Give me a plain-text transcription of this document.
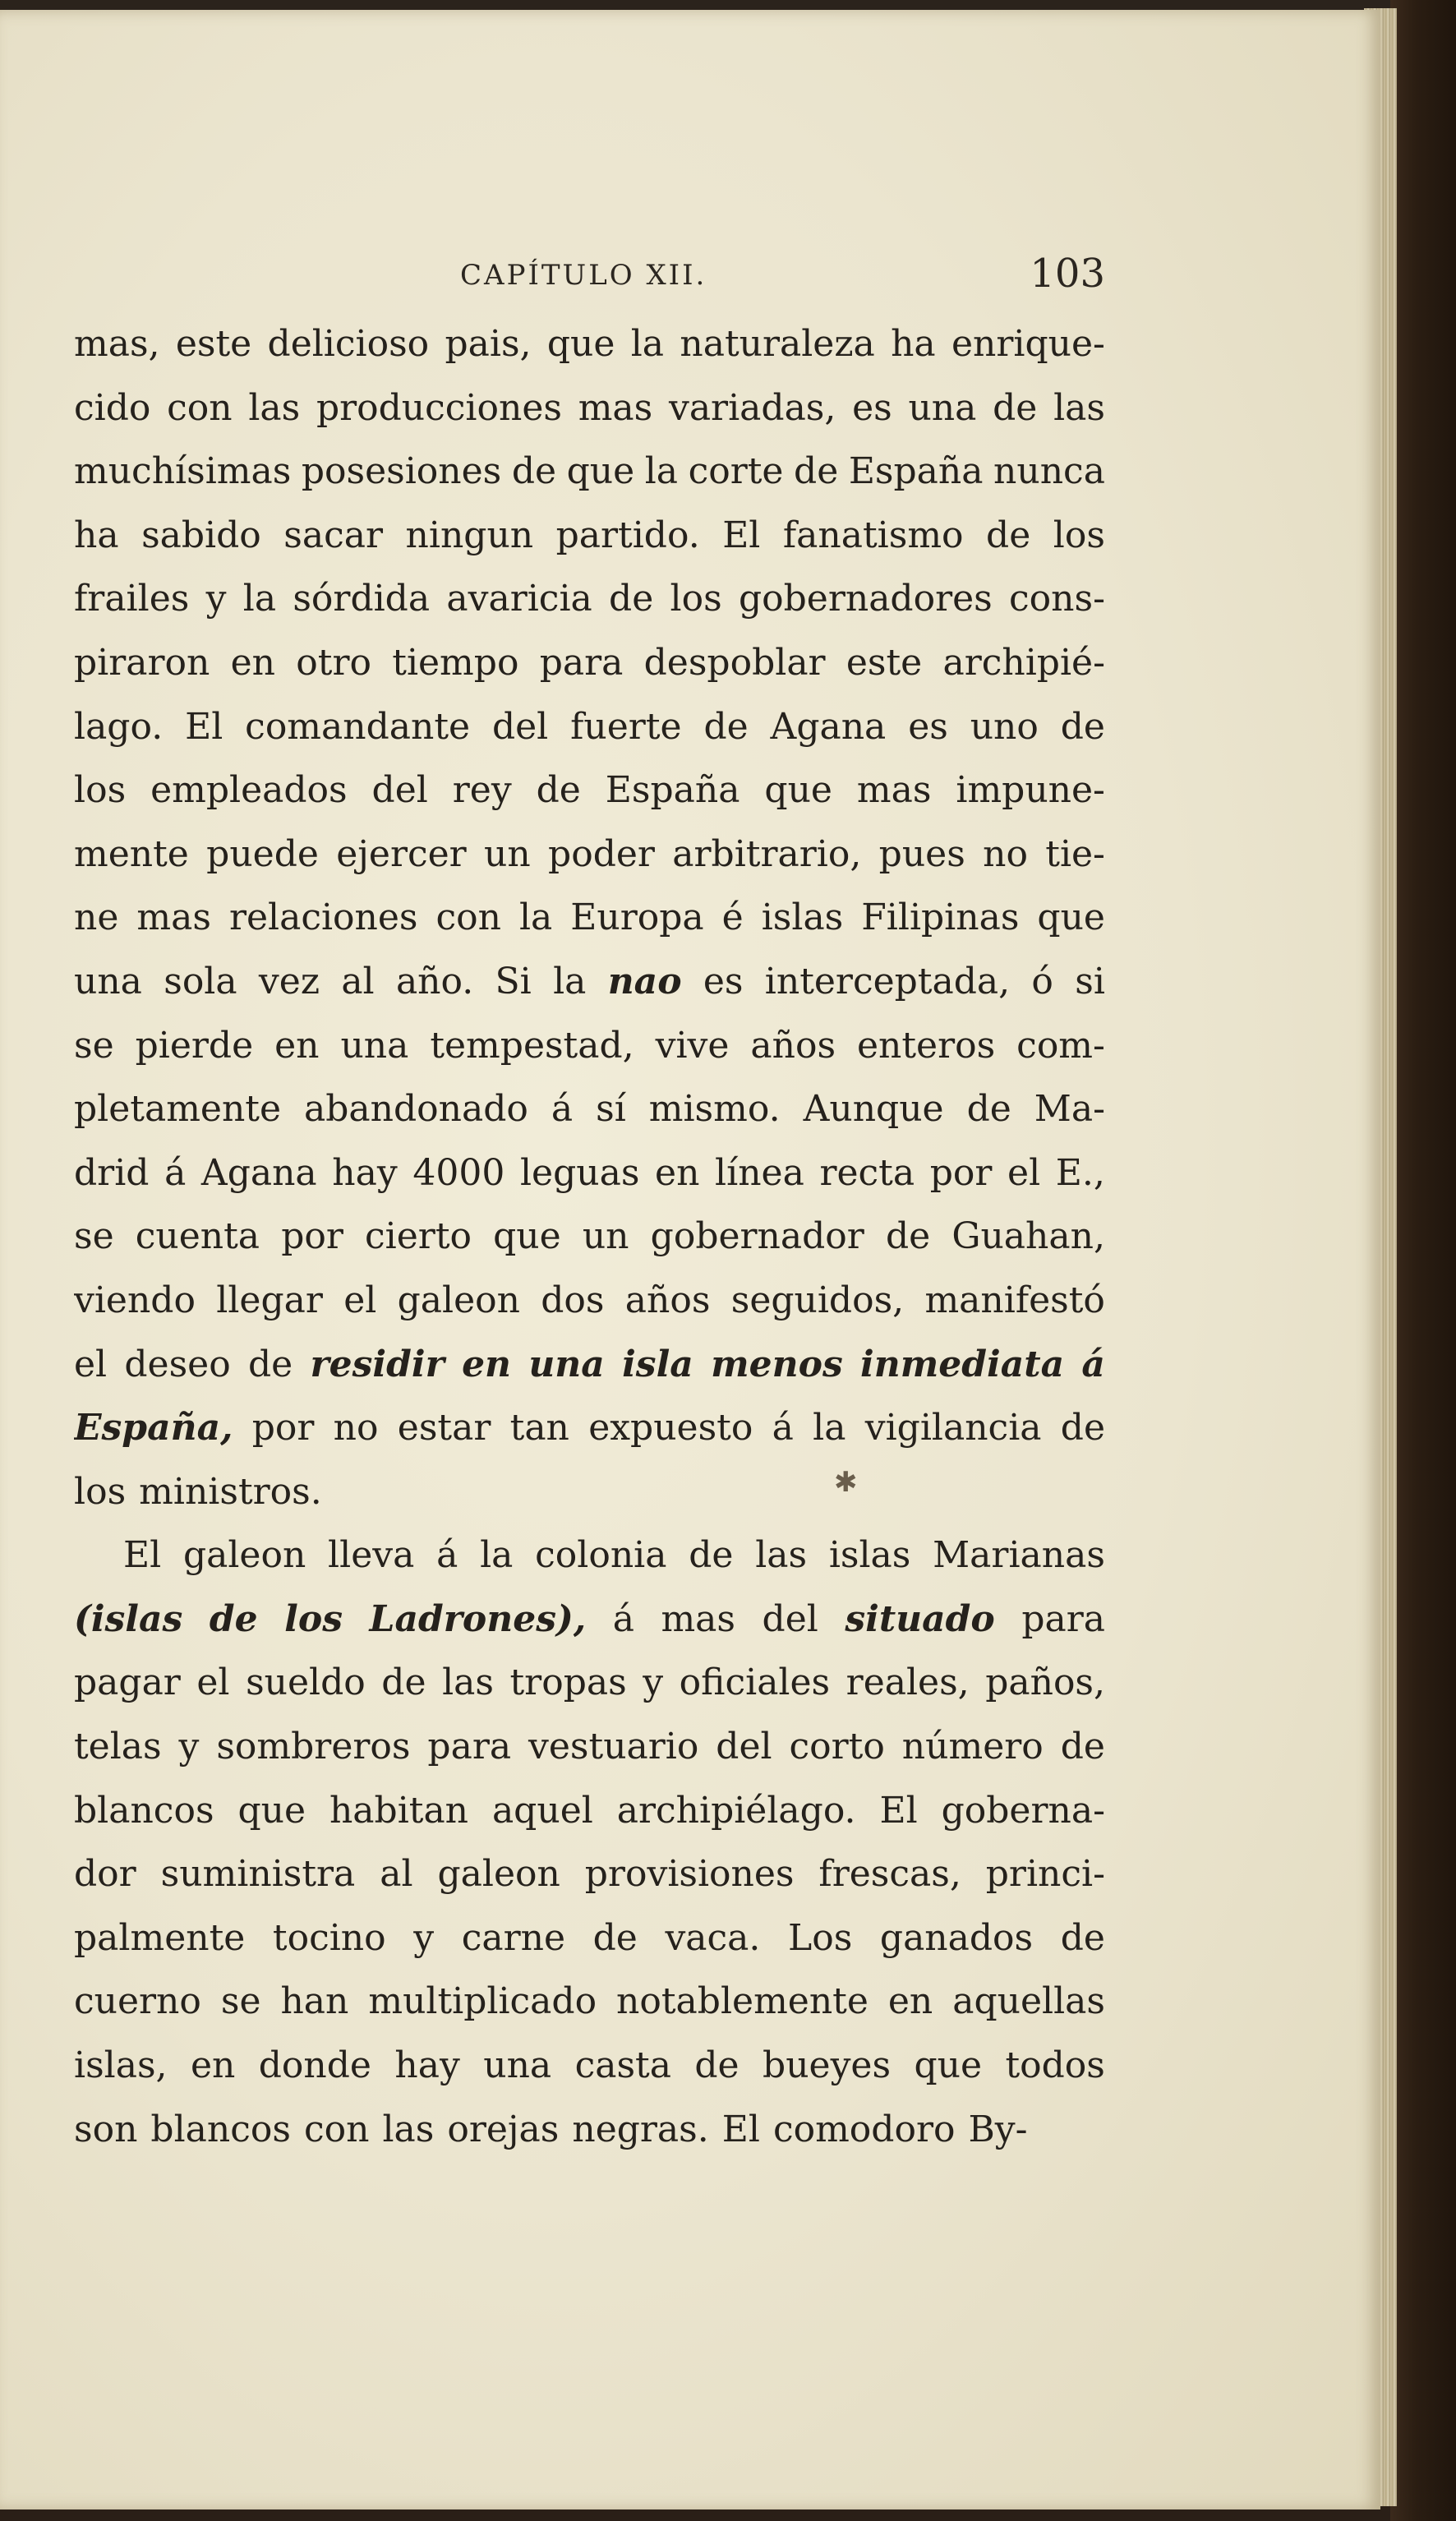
CAPÍTULO XII.	103
✱
mas, este delicioso pais, que la naturaleza ha enrique-
cido con las producciones mas variadas, es una de las
muchísimas posesiones de que la corte de España nunca
ha sabido sacar ningun partido. El fanatismo de los
frailes y la sórdida avaricia de los gobernadores cons-
piraron en otro tiempo para despoblar este archipié-
lago. El comandante del fuerte de Agana es uno de
los empleados del rey de España que mas impune-
mente puede ejercer un poder arbitrario, pues no tie-
ne mas relaciones con la Europa é islas Filipinas que
una sola vez al año. Si la nao es interceptada, ó si
se pierde en una tempestad, vive años enteros com-
pletamente abandonado á sí mismo. Aunque de Ma-
drid á Agana hay 4000 leguas en línea recta por el E.,
se cuenta por cierto que un gobernador de Guahan,
viendo llegar el galeon dos años seguidos, manifestó
el deseo de residir en una isla menos inmediata á
España, por no estar tan expuesto á la vigilancia de
los ministros.
El galeon lleva á la colonia de las islas Marianas
(islas de los Ladrones), á mas del situado para
pagar el sueldo de las tropas y oficiales reales, paños,
telas y sombreros para vestuario del corto número de
blancos que habitan aquel archipiélago. El goberna-
dor suministra al galeon provisiones frescas, princi-
palmente tocino y carne de vaca. Los ganados de
cuerno se han multiplicado notablemente en aquellas
islas, en donde hay una casta de bueyes que todos
son blancos con las orejas negras. El comodoro By-
